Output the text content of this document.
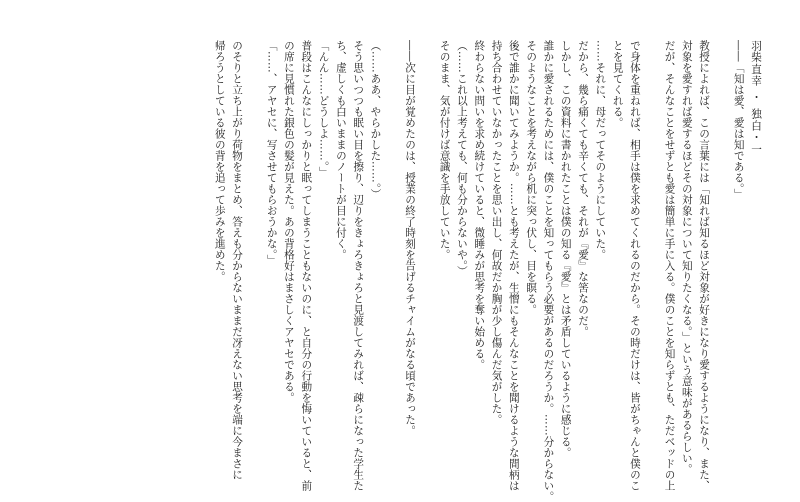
羽柴直幸 ・ 独白・一

――「知は愛、愛は知である。」

教授によれば、この言葉には「知れば知るほど対象が好きになり愛するようになり、また、

対象を愛すれば愛するほどその対象について知りたくなる。」という意味があるらしい。

だが、そんなことをせずとも愛は簡単に手に入る。僕のことを知らずとも、ただベッドの上

で身体を重ねれば、相手は僕を求めてくれるのだから。その時だけは、皆がちゃんと僕のこ

とを見てくれる。

……それに、母だってそのようにしていた。

だから、幾ら痛くても辛くても、それが『愛』な筈なのだ。

しかし、この資料に書かれたことは僕の知る『愛』とは矛盾しているように感じる。

誰かに愛されるためには、僕のことを知ってもらう必要があるのだろうか。……分からない。

そのようなことを考えながら机に突っ伏し、目を瞑る。

後で誰かに聞いてみようか。……とも考えたが、生憎にもそんなことを聞けるような間柄は

持ち合わせていなかったことを思い出し、何故だか胸が少し傷んだ気がした。

終わらない問いを求め続けていると、微睡みが思考を奪い始める。

（……これ以上考えても、何も分からないや。）

そのまま、気が付けば意識を手放していた。

――次に目が覚めたのは、授業の終了時刻を告げるチャイムがなる頃であった。

（……ああ、やらかした……。）

そう思いつつも眠い目を擦り、辺りをきょろきょろと見渡してみれば、疎らになった学生た

ち、虚しくも白いままのノートが目に付く。

「んん……どうしよ……。」

普段はこんなにしっかりと眠ってしまうこともないのに、と自分の行動を悔いていると、前

の席に見慣れた銀色の髪が見えた。あの背格好はまさしくアヤセである。

「……、アヤセに、写させてもらおうかな。」

のそりと立ち上がり荷物をまとめ、答えも分からないままだ冴えない思考を端に今まさに

帰ろうとしている彼の背を追って歩みを進めた。
